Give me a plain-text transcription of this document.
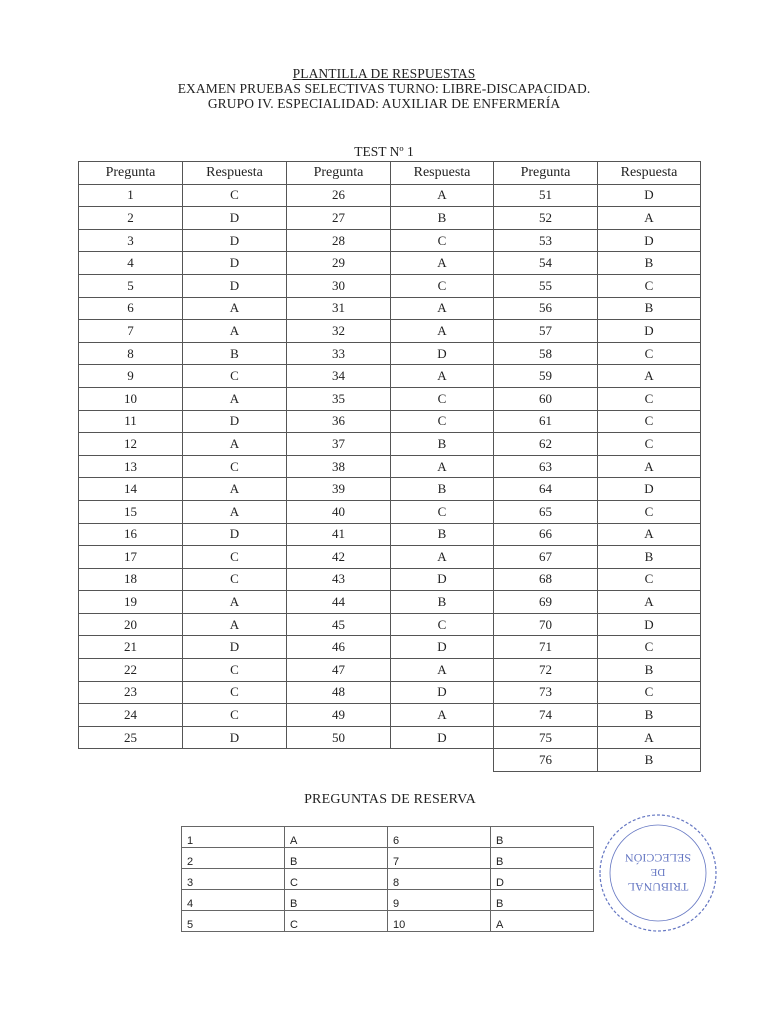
PLANTILLA DE RESPUESTAS
EXAMEN PRUEBAS SELECTIVAS TURNO: LIBRE-DISCAPACIDAD.
GRUPO IV. ESPECIALIDAD: AUXILIAR DE ENFERMERÍA
TEST Nº 1
Pregunta	Respuesta	Pregunta	Respuesta	Pregunta	Respuesta
1	C	26	A	51	D
2	D	27	B	52	A
3	D	28	C	53	D
4	D	29	A	54	B
5	D	30	C	55	C
6	A	31	A	56	B
7	A	32	A	57	D
8	B	33	D	58	C
9	C	34	A	59	A
10	A	35	C	60	C
11	D	36	C	61	C
12	A	37	B	62	C
13	C	38	A	63	A
14	A	39	B	64	D
15	A	40	C	65	C
16	D	41	B	66	A
17	C	42	A	67	B
18	C	43	D	68	C
19	A	44	B	69	A
20	A	45	C	70	D
21	D	46	D	71	C
22	C	47	A	72	B
23	C	48	D	73	C
24	C	49	A	74	B
25	D	50	D	75	A
				76	B
PREGUNTAS DE RESERVA
1	A	6	B
2	B	7	B
3	C	8	D
4	B	9	B
5	C	10	A
TRIBUNAL
DE
SELECCIÓN
